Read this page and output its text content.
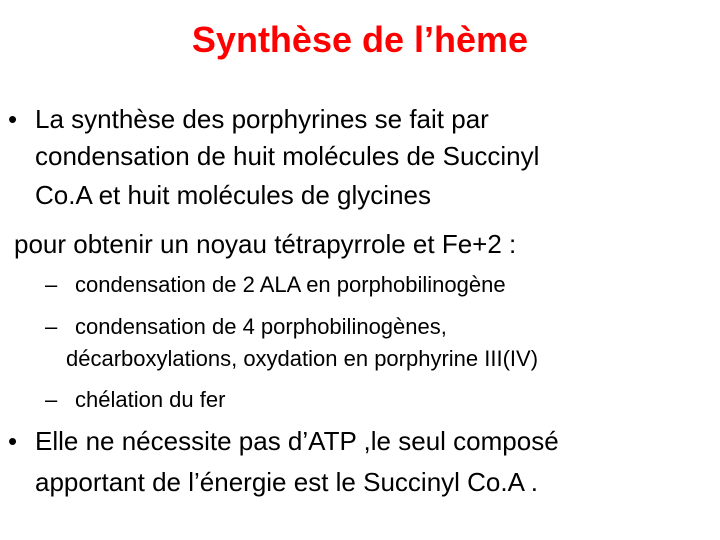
Synthèse de l’hème
• La synthèse des porphyrines se fait par
condensation de huit molécules de Succinyl
Co.A et huit molécules de glycines
pour obtenir un noyau tétrapyrrole et Fe+2 :
– condensation de 2 ALA en porphobilinogène
– condensation de 4 porphobilinogènes,
décarboxylations, oxydation en porphyrine III(IV)
– chélation du fer
• Elle ne nécessite pas d’ATP ,le seul composé
apportant de l’énergie est le Succinyl Co.A .
